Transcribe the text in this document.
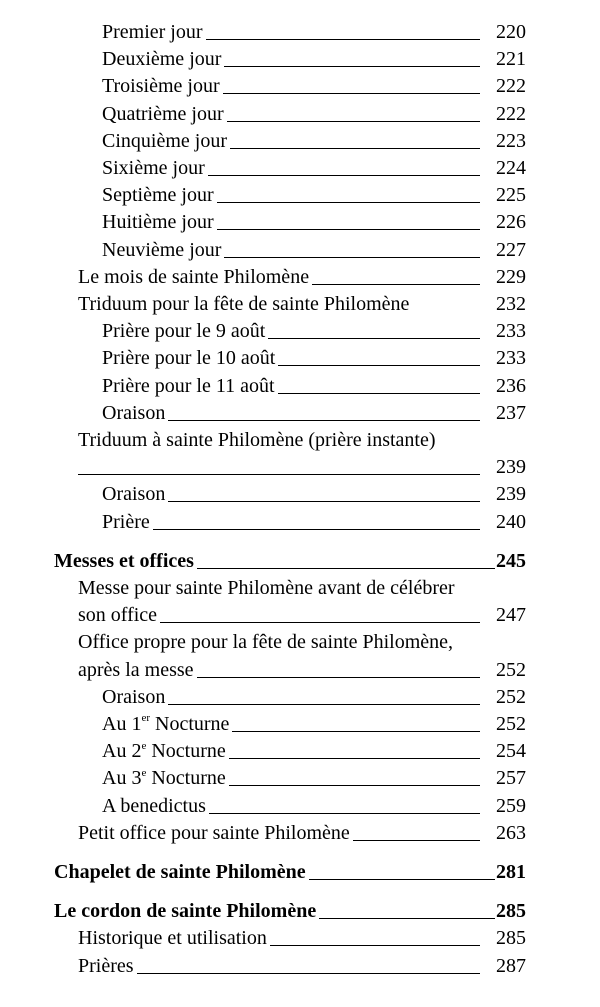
Premier jour	220
Deuxième jour	221
Troisième jour	222
Quatrième jour	222
Cinquième jour	223
Sixième jour	224
Septième jour	225
Huitième jour	226
Neuvième jour	227
Le mois de sainte Philomène	229
Triduum pour la fête de sainte Philomène	232
Prière pour le 9 août	233
Prière pour le 10 août	233
Prière pour le 11 août	236
Oraison	237
Triduum à sainte Philomène (prière instante)
239
Oraison	239
Prière	240
Messes et offices	245
Messe pour sainte Philomène avant de célébrer
son office	247
Office propre pour la fête de sainte Philomène,
après la messe	252
Oraison	252
Au 1er Nocturne	252
Au 2e Nocturne	254
Au 3e Nocturne	257
A benedictus	259
Petit office pour sainte Philomène	263
Chapelet de sainte Philomène	281
Le cordon de sainte Philomène	285
Historique et utilisation	285
Prières	287
